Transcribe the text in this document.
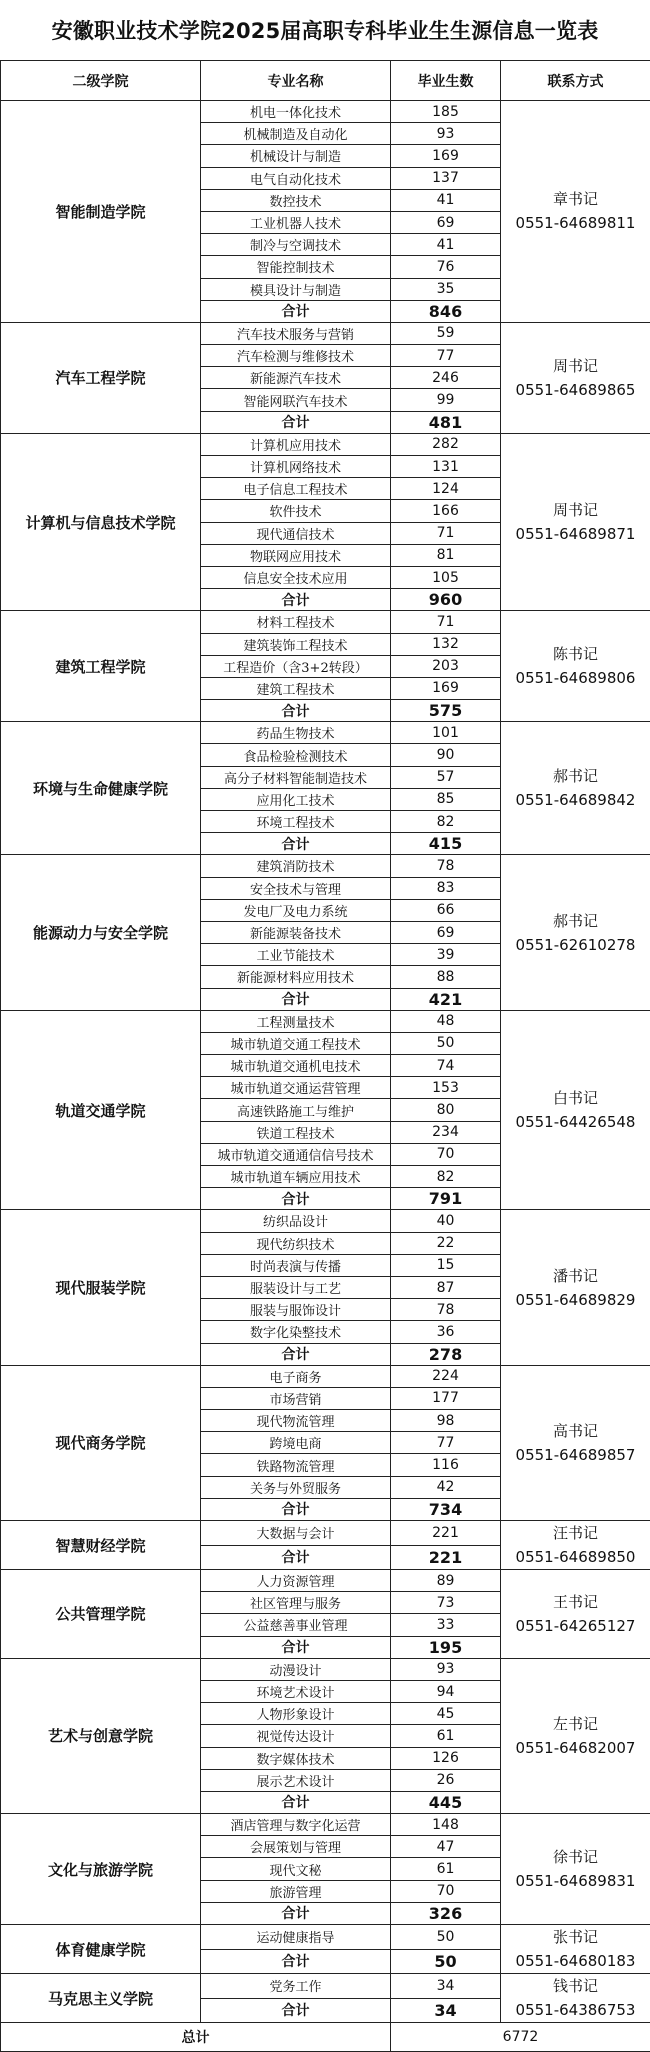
安徽职业技术学院2025届高职专科毕业生生源信息一览表
二级学院	专业名称	毕业生数	联系方式
智能制造学院	机电一体化技术	185	章书记
0551-64689811

	机械制造及自动化	93	
	机械设计与制造	169	
	电气自动化技术	137	
	数控技术	41	
	工业机器人技术	69	
	制冷与空调技术	41	
	智能控制技术	76	
	模具设计与制造	35	
	合计	846	
汽车工程学院	汽车技术服务与营销	59	周书记
0551-64689865

	汽车检测与维修技术	77	
	新能源汽车技术	246	
	智能网联汽车技术	99	
	合计	481	
计算机与信息技术学院	计算机应用技术	282	周书记
0551-64689871

	计算机网络技术	131	
	电子信息工程技术	124	
	软件技术	166	
	现代通信技术	71	
	物联网应用技术	81	
	信息安全技术应用	105	
	合计	960	
建筑工程学院	材料工程技术	71	陈书记
0551-64689806

	建筑装饰工程技术	132	
	工程造价（含3+2转段）	203	
	建筑工程技术	169	
	合计	575	
环境与生命健康学院	药品生物技术	101	郝书记
0551-64689842

	食品检验检测技术	90	
	高分子材料智能制造技术	57	
	应用化工技术	85	
	环境工程技术	82	
	合计	415	
能源动力与安全学院	建筑消防技术	78	郝书记
0551-62610278

	安全技术与管理	83	
	发电厂及电力系统	66	
	新能源装备技术	69	
	工业节能技术	39	
	新能源材料应用技术	88	
	合计	421	
轨道交通学院	工程测量技术	48	白书记
0551-64426548

	城市轨道交通工程技术	50	
	城市轨道交通机电技术	74	
	城市轨道交通运营管理	153	
	高速铁路施工与维护	80	
	铁道工程技术	234	
	城市轨道交通通信信号技术	70	
	城市轨道车辆应用技术	82	
	合计	791	
现代服装学院	纺织品设计	40	潘书记
0551-64689829

	现代纺织技术	22	
	时尚表演与传播	15	
	服装设计与工艺	87	
	服装与服饰设计	78	
	数字化染整技术	36	
	合计	278	
现代商务学院	电子商务	224	高书记
0551-64689857

	市场营销	177	
	现代物流管理	98	
	跨境电商	77	
	铁路物流管理	116	
	关务与外贸服务	42	
	合计	734	
智慧财经学院	大数据与会计	221	汪书记
0551-64689850

	合计	221	
公共管理学院	人力资源管理	89	王书记
0551-64265127

	社区管理与服务	73	
	公益慈善事业管理	33	
	合计	195	
艺术与创意学院	动漫设计	93	左书记
0551-64682007

	环境艺术设计	94	
	人物形象设计	45	
	视觉传达设计	61	
	数字媒体技术	126	
	展示艺术设计	26	
	合计	445	
文化与旅游学院	酒店管理与数字化运营	148	徐书记
0551-64689831

	会展策划与管理	47	
	现代文秘	61	
	旅游管理	70	
	合计	326	
体育健康学院	运动健康指导	50	张书记
0551-64680183

	合计	50	
马克思主义学院	党务工作	34	钱书记
0551-64386753

	合计	34	
总计		6772	
